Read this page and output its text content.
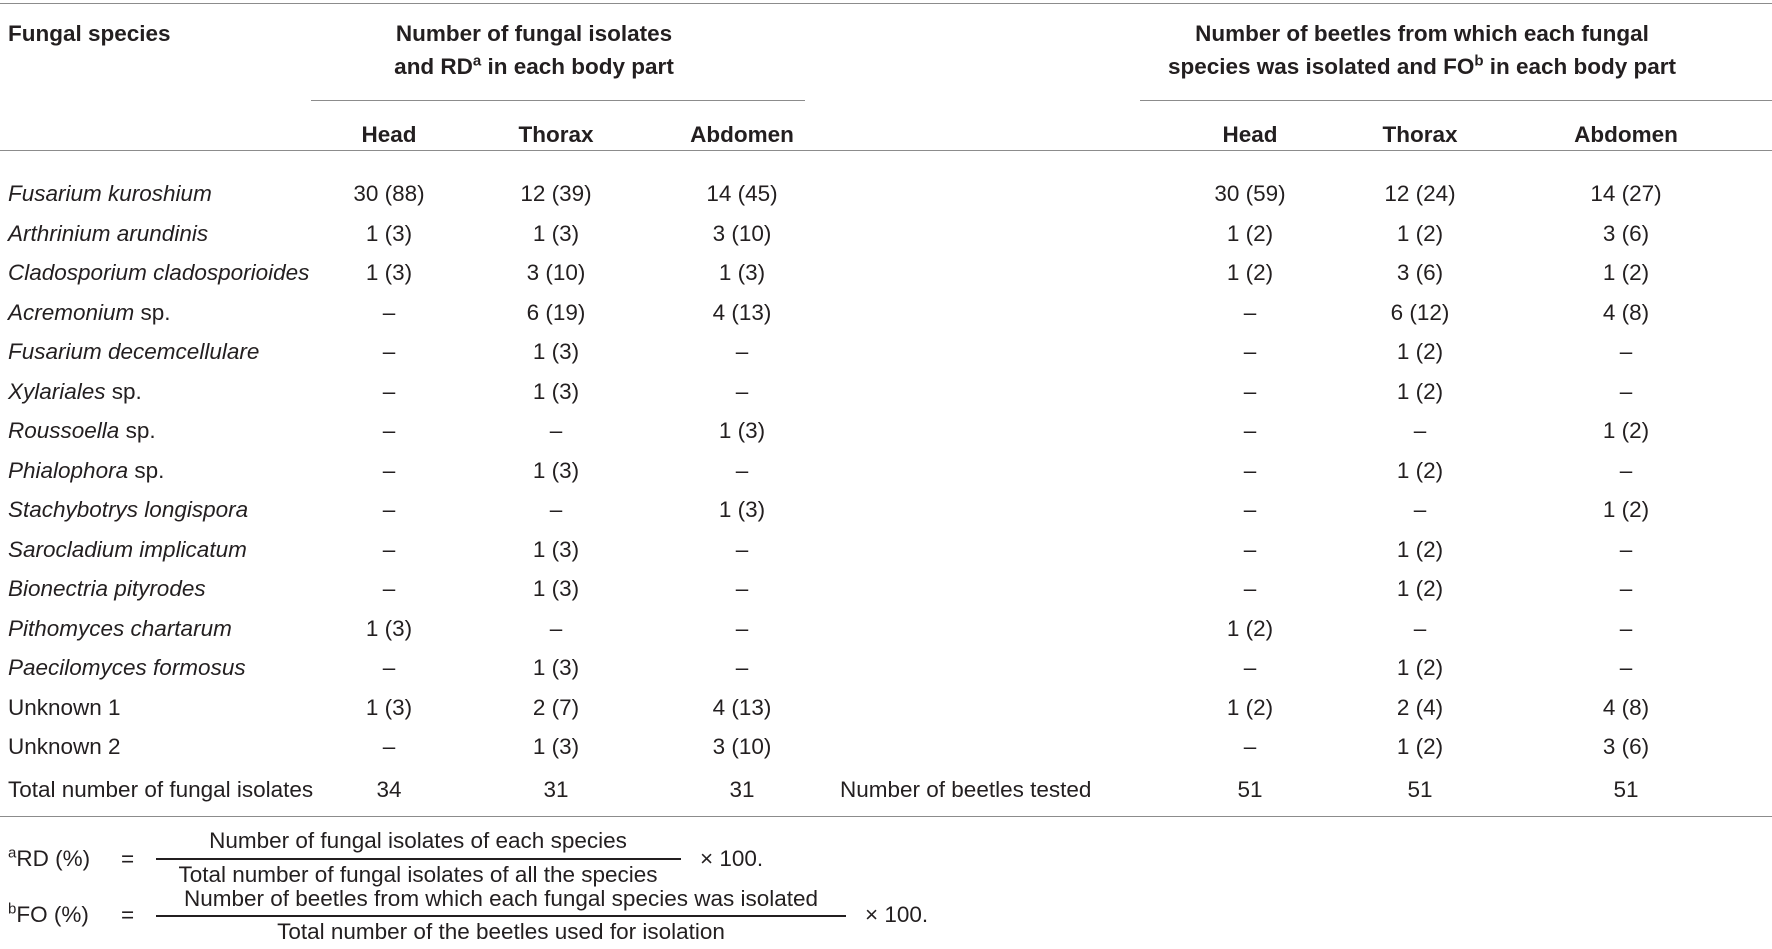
Fungal species	Number of fungal isolates
and $RD^a$ in each body part
Number of beetles from which each fungal
species was isolated and $FO^b$ in each body part
Head	Thorax	Abdomen	Head	Thorax	Abdomen
Fusarium kuroshium	30 (88)	12 (39)	14 (45)	30 (59)	12 (24)	14 (27)
Arthrinium arundinis	1 (3)	1 (3)	3 (10)	1 (2)	1 (2)	3 (6)
Cladosporium cladosporioides	1 (3)	3 (10)	1 (3)	1 (2)	3 (6)	1 (2)
Acremonium sp.	–	6 (19)	4 (13)	–	6 (12)	4 (8)
Fusarium decemcellulare	–	1 (3)	–	–	1 (2)	–
Xylariales sp.	–	1 (3)	–	–	1 (2)	–
Roussoella sp.	–	–	1 (3)	–	–	1 (2)
Phialophora sp.	–	1 (3)	–	–	1 (2)	–
Stachybotrys longispora	–	–	1 (3)	–	–	1 (2)
Sarocladium implicatum	–	1 (3)	–	–	1 (2)	–
Bionectria pityrodes	–	1 (3)	–	–	1 (2)	–
Pithomyces chartarum	1 (3)	–	–	1 (2)	–	–
Paecilomyces formosus	–	1 (3)	–	–	1 (2)	–
Unknown 1	1 (3)	2 (7)	4 (13)	1 (2)	2 (4)	4 (8)
Unknown 2	–	1 (3)	3 (10)	–	1 (2)	3 (6)
Total number of fungal isolates	34	31	31	Number of beetles tested	51	51	51
$^a$RD (%) =
Number of fungal isolates of each species
Total number of fungal isolates of all the species
× 100.
$^b$FO (%) =
Number of beetles from which each fungal species was isolated
Total number of the beetles used for isolation
× 100.
